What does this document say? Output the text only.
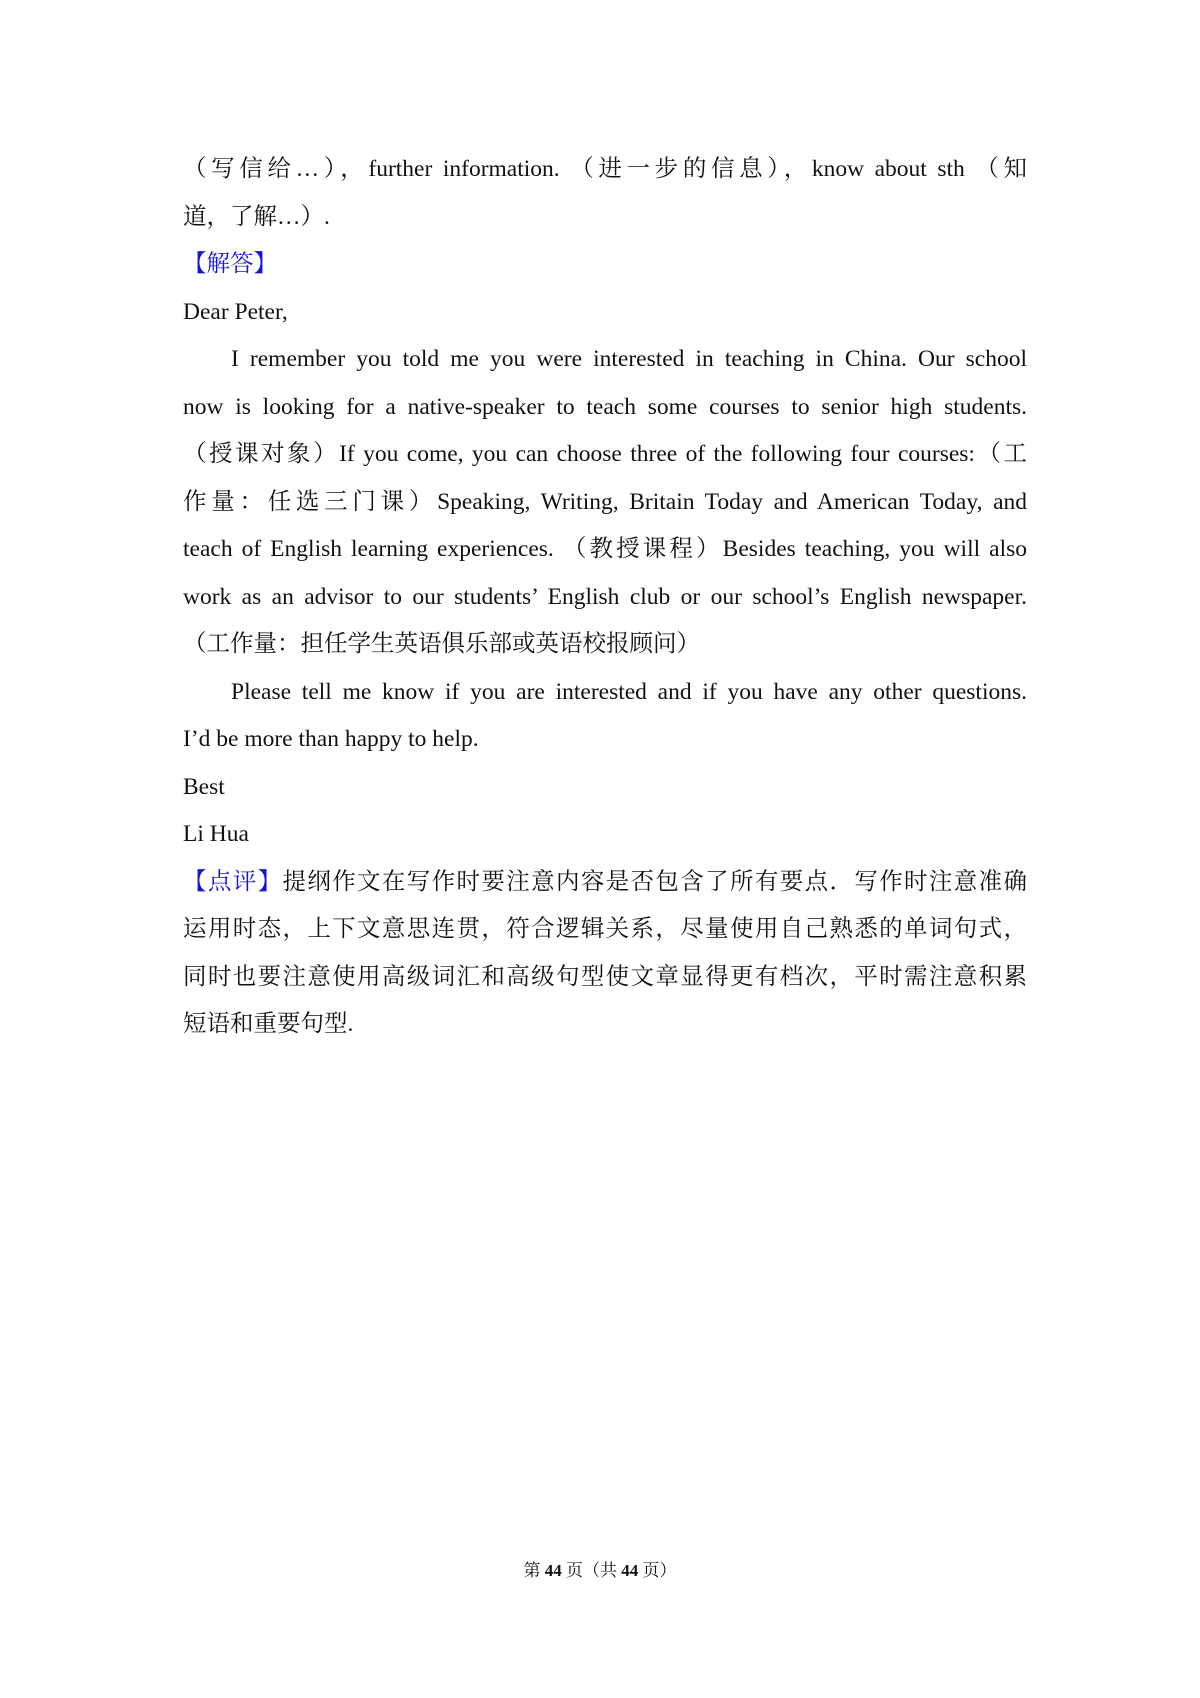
（写信给…），further information. （进一步的信息），know about sth （知

道，了解…）.

【解答】

Dear Peter,

I remember you told me you were interested in teaching in China. Our school

now is looking for a native-speaker to teach some courses to senior high students.

（授课对象）If you come, you can choose three of the following four courses:（工

作量：任选三门课）Speaking, Writing, Britain Today and American Today, and

teach of English learning experiences. （教授课程）Besides teaching, you will also

work as an advisor to our students’ English club or our school’s English newspaper.

（工作量：担任学生英语俱乐部或英语校报顾问）

Please tell me know if you are interested and if you have any other questions.

I’d be more than happy to help.

Best

Li Hua

【点评】提纲作文在写作时要注意内容是否包含了所有要点．写作时注意准确

运用时态，上下文意思连贯，符合逻辑关系，尽量使用自己熟悉的单词句式，

同时也要注意使用高级词汇和高级句型使文章显得更有档次，平时需注意积累

短语和重要句型.

第 44 页（共 44 页）
